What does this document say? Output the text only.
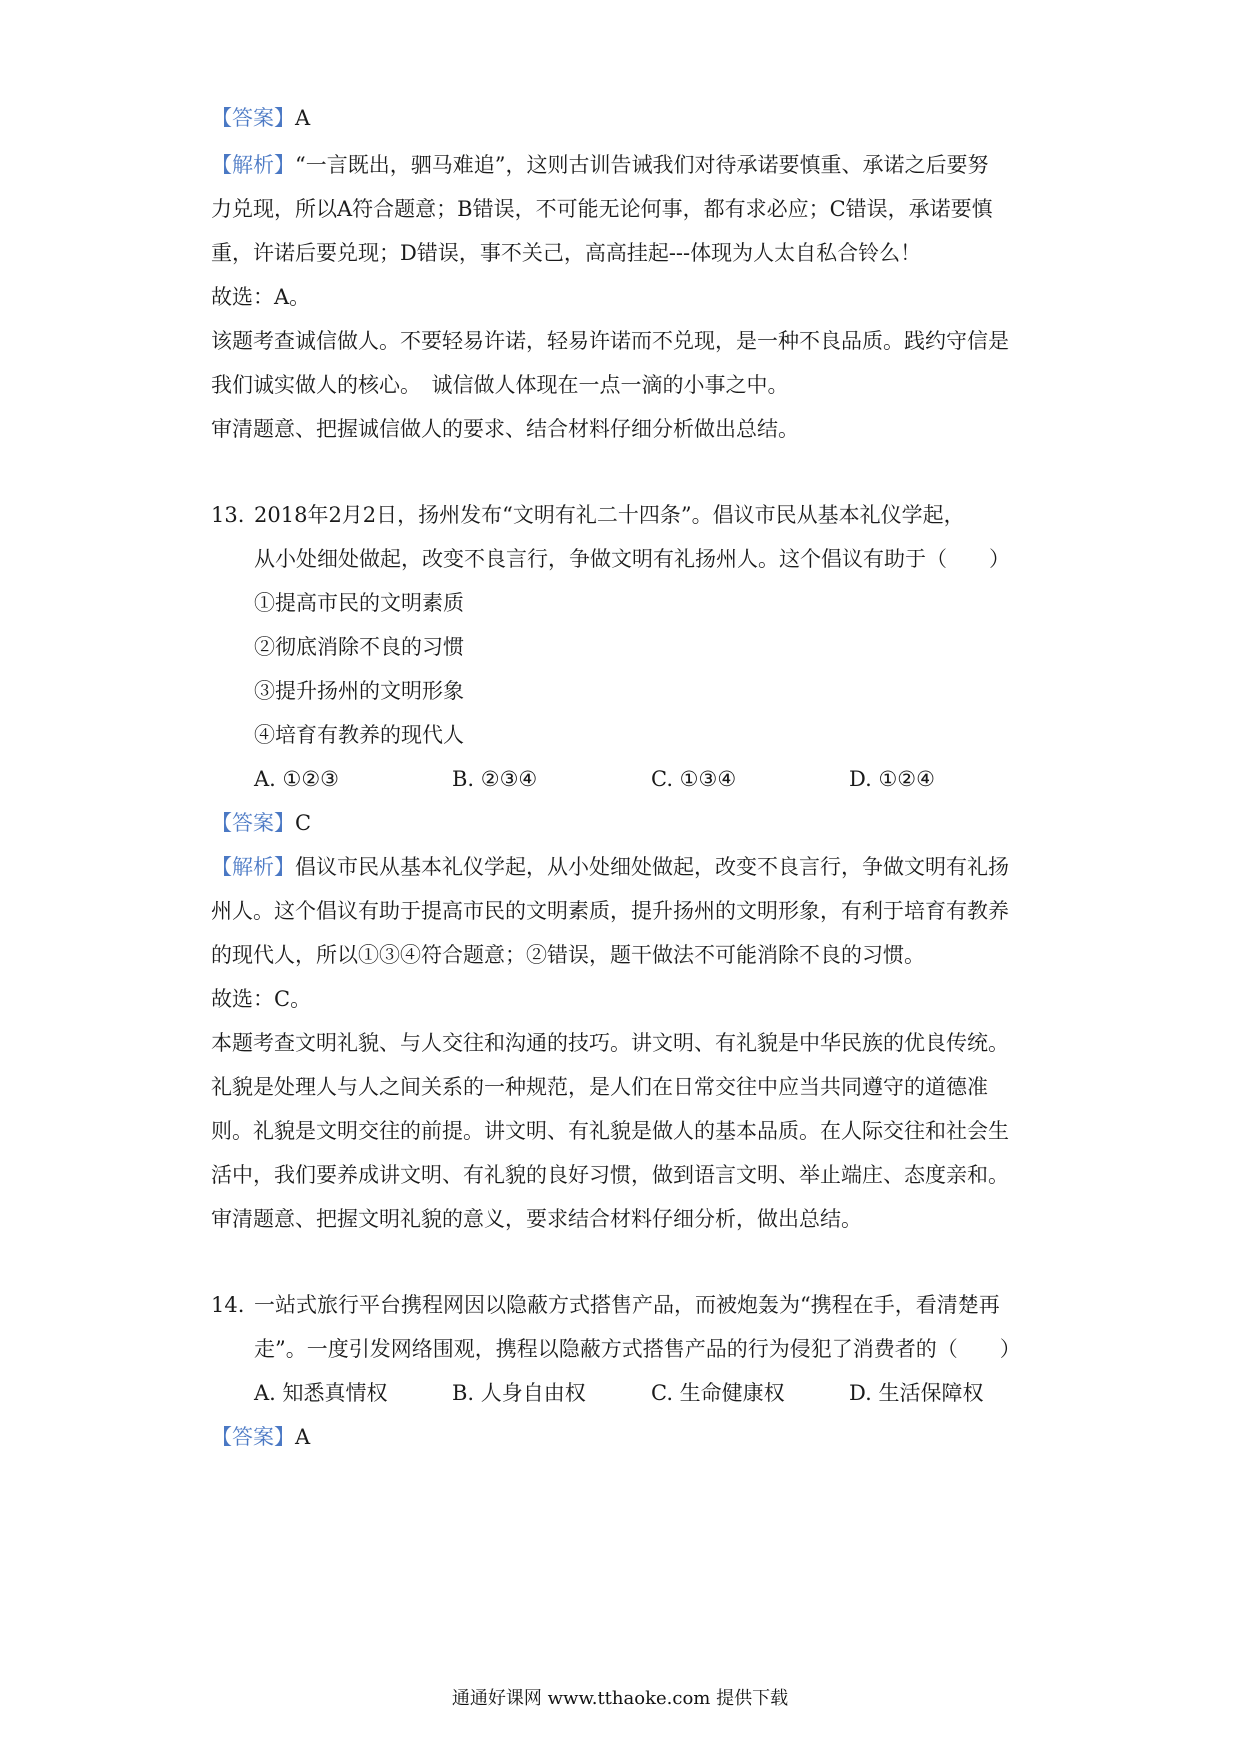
【答案】A
【解析】“一言既出，驷马难追”，这则古训告诫我们对待承诺要慎重、承诺之后要努
力兑现，所以A符合题意；B错误，不可能无论何事，都有求必应；C错误，承诺要慎
重，许诺后要兑现；D错误，事不关己，高高挂起---体现为人太自私合铃么！
故选：A。
该题考查诚信做人。不要轻易许诺，轻易许诺而不兑现，是一种不良品质。践约守信是
我们诚实做人的核心。　诚信做人体现在一点一滴的小事之中。
审清题意、把握诚信做人的要求、结合材料仔细分析做出总结。
13. 2018年2月2日，扬州发布“文明有礼二十四条”。倡议市民从基本礼仪学起，
从小处细处做起，改变不良言行，争做文明有礼扬州人。这个倡议有助于（　　）
①提高市民的文明素质
②彻底消除不良的习惯
③提升扬州的文明形象
④培育有教养的现代人
A. ①②③	B. ②③④	C. ①③④	D. ①②④
【答案】C
【解析】倡议市民从基本礼仪学起，从小处细处做起，改变不良言行，争做文明有礼扬
州人。这个倡议有助于提高市民的文明素质，提升扬州的文明形象，有利于培育有教养
的现代人，所以①③④符合题意；②错误，题干做法不可能消除不良的习惯。
故选：C。
本题考查文明礼貌、与人交往和沟通的技巧。讲文明、有礼貌是中华民族的优良传统。
礼貌是处理人与人之间关系的一种规范，是人们在日常交往中应当共同遵守的道德准
则。礼貌是文明交往的前提。讲文明、有礼貌是做人的基本品质。在人际交往和社会生
活中，我们要养成讲文明、有礼貌的良好习惯，做到语言文明、举止端庄、态度亲和。
审清题意、把握文明礼貌的意义，要求结合材料仔细分析，做出总结。
14. 一站式旅行平台携程网因以隐蔽方式搭售产品，而被炮轰为“携程在手，看清楚再
走”。一度引发网络围观，携程以隐蔽方式搭售产品的行为侵犯了消费者的（　　）
A. 知悉真情权	B. 人身自由权	C. 生命健康权	D. 生活保障权
【答案】A
通通好课网 www.tthaoke.com 提供下载
